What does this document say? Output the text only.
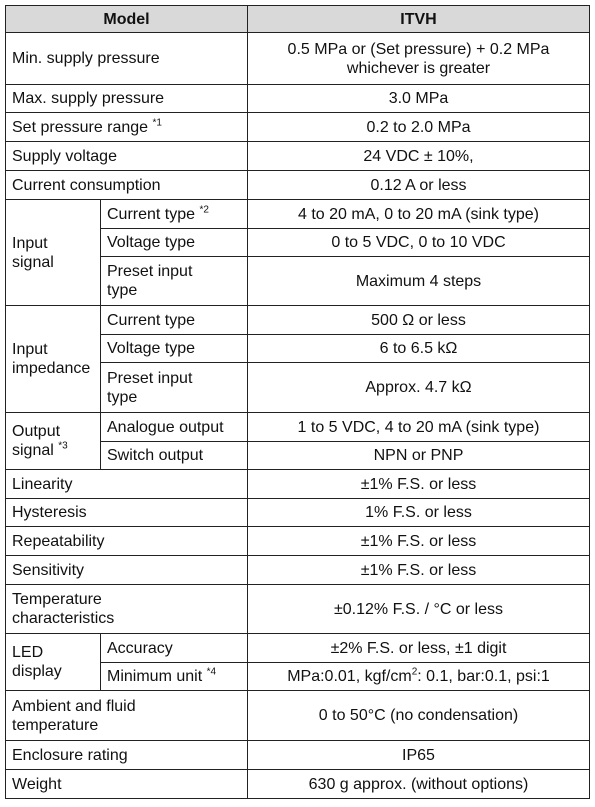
Model		ITVH
Min. supply pressure		0.5 MPa or (Set pressure) + 0.2 MPa
whichever is greater
Max. supply pressure		3.0 MPa
Set pressure range $^{*1}$		0.2 to 2.0 MPa
Supply voltage		24 VDC ± 10%,
Current consumption		0.12 A or less
Input
signal	Current type $^{*2}$	4 to 20 mA, 0 to 20 mA (sink type)
	Voltage type	0 to 5 VDC, 0 to 10 VDC
	Preset input
type	Maximum 4 steps
Input
impedance	Current type	500 Ω or less
	Voltage type	6 to 6.5 kΩ
	Preset input
type	Approx. 4.7 kΩ
Output
signal $^{*3}$	Analogue output	1 to 5 VDC, 4 to 20 mA (sink type)
	Switch output	NPN or PNP
Linearity		±1% F.S. or less
Hysteresis		1% F.S. or less
Repeatability		±1% F.S. or less
Sensitivity		±1% F.S. or less
Temperature
characteristics		±0.12% F.S. / °C or less
LED
display	Accuracy	±2% F.S. or less, ±1 digit
	Minimum unit $^{*4}$	MPa:0.01, kgf/$cm^2$: 0.1, bar:0.1, psi:1
Ambient and fluid
temperature		0 to 50°C (no condensation)
Enclosure rating		IP65
Weight		630 g approx. (without options)
